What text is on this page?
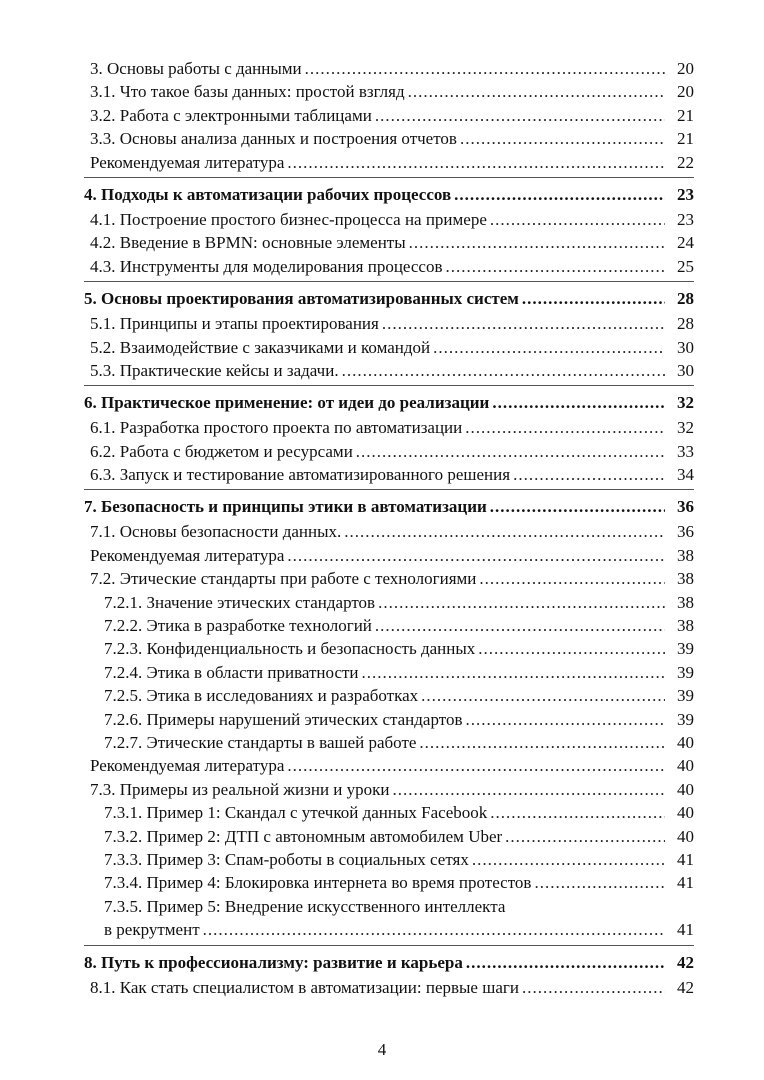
3. Основы работы с данными .....	20
3.1. Что такое базы данных: простой взгляд .....	20
3.2. Работа с электронными таблицами .....	21
3.3. Основы анализа данных и построения отчетов .....	21
Рекомендуемая литература .....	22
4. Подходы к автоматизации рабочих процессов .....	23
4.1. Построение простого бизнес-процесса на примере .....	23
4.2. Введение в BPMN: основные элементы .....	24
4.3. Инструменты для моделирования процессов .....	25
5. Основы проектирования автоматизированных систем .....	28
5.1. Принципы и этапы проектирования .....	28
5.2. Взаимодействие с заказчиками и командой .....	30
5.3. Практические кейсы и задачи. .....	30
6. Практическое применение: от идеи до реализации .....	32
6.1. Разработка простого проекта по автоматизации .....	32
6.2. Работа с бюджетом и ресурсами .....	33
6.3. Запуск и тестирование автоматизированного решения .....	34
7. Безопасность и принципы этики в автоматизации .....	36
7.1. Основы безопасности данных. .....	36
Рекомендуемая литература .....	38
7.2. Этические стандарты при работе с технологиями .....	38
7.2.1. Значение этических стандартов .....	38
7.2.2. Этика в разработке технологий .....	38
7.2.3. Конфиденциальность и безопасность данных .....	39
7.2.4. Этика в области приватности .....	39
7.2.5. Этика в исследованиях и разработках .....	39
7.2.6. Примеры нарушений этических стандартов .....	39
7.2.7. Этические стандарты в вашей работе .....	40
Рекомендуемая литература .....	40
7.3. Примеры из реальной жизни и уроки .....	40
7.3.1. Пример 1: Скандал с утечкой данных Facebook .....	40
7.3.2. Пример 2: ДТП с автономным автомобилем Uber .....	40
7.3.3. Пример 3: Спам-роботы в социальных сетях .....	41
7.3.4. Пример 4: Блокировка интернета во время протестов .....	41
7.3.5. Пример 5: Внедрение искусственного интеллекта
в рекрутмент .....	41
8. Путь к профессионализму: развитие и карьера .....	42
8.1. Как стать специалистом в автоматизации: первые шаги .....	42
4
